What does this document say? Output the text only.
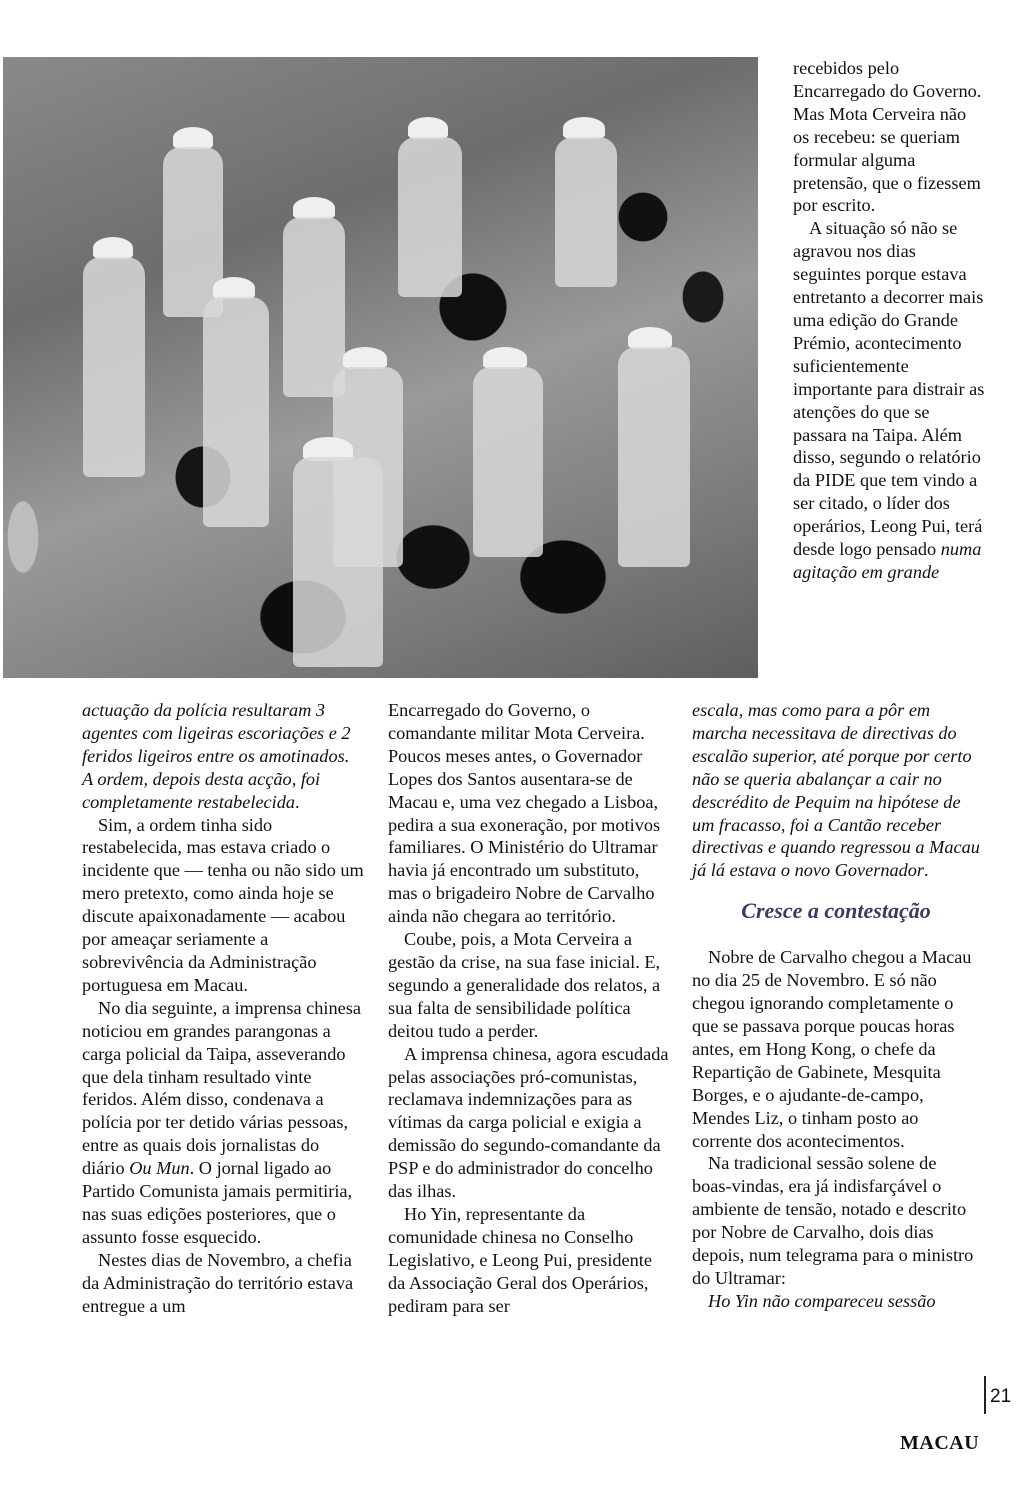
actuação da polícia resultaram 3 agentes com ligeiras escoriações e 2 feridos ligeiros entre os amotinados. A ordem, depois desta acção, foi completamente restabelecida.

Sim, a ordem tinha sido restabelecida, mas estava criado o incidente que — tenha ou não sido um mero pretexto, como ainda hoje se discute apaixonadamente — acabou por ameaçar seriamente a sobrevivência da Administração portuguesa em Macau.

No dia seguinte, a imprensa chinesa noticiou em grandes parangonas a carga policial da Taipa, asseverando que dela tinham resultado vinte feridos. Além disso, condenava a polícia por ter detido várias pessoas, entre as quais dois jornalistas do diário Ou Mun. O jornal ligado ao Partido Comunista jamais permitiria, nas suas edições posteriores, que o assunto fosse esquecido.

Nestes dias de Novembro, a chefia da Administração do território estava entregue a um

Encarregado do Governo, o comandante militar Mota Cerveira. Poucos meses antes, o Governador Lopes dos Santos ausentara-se de Macau e, uma vez chegado a Lisboa, pedira a sua exoneração, por motivos familiares. O Ministério do Ultramar havia já encontrado um substituto, mas o brigadeiro Nobre de Carvalho ainda não chegara ao território.

Coube, pois, a Mota Cerveira a gestão da crise, na sua fase inicial. E, segundo a generalidade dos relatos, a sua falta de sensibilidade política deitou tudo a perder.

A imprensa chinesa, agora escudada pelas associações pró-comunistas, reclamava indemnizações para as vítimas da carga policial e exigia a demissão do segundo-comandante da PSP e do administrador do concelho das ilhas.

Ho Yin, representante da comunidade chinesa no Conselho Legislativo, e Leong Pui, presidente da Associação Geral dos Operários, pediram para ser

recebidos pelo Encarregado do Governo. Mas Mota Cerveira não os recebeu: se queriam formular alguma pretensão, que o fizessem por escrito.

A situação só não se agravou nos dias seguintes porque estava entretanto a decorrer mais uma edição do Grande Prémio, acontecimento suficientemente importante para distrair as atenções do que se passara na Taipa. Além disso, segundo o relatório da PIDE que tem vindo a ser citado, o líder dos operários, Leong Pui, terá desde logo pensado numa agitação em grande

escala, mas como para a pôr em marcha necessitava de directivas do escalão superior, até porque por certo não se queria abalançar a cair no descrédito de Pequim na hipótese de um fracasso, foi a Cantão receber directivas e quando regressou a Macau já lá estava o novo Governador.

Cresce a contestação

Nobre de Carvalho chegou a Macau no dia 25 de Novembro. E só não chegou ignorando completamente o que se passava porque poucas horas antes, em Hong Kong, o chefe da Repartição de Gabinete, Mesquita Borges, e o ajudante-de-campo, Mendes Liz, o tinham posto ao corrente dos acontecimentos.

Na tradicional sessão solene de boas-vindas, era já indisfarçável o ambiente de tensão, notado e descrito por Nobre de Carvalho, dois dias depois, num telegrama para o ministro do Ultramar:

Ho Yin não compareceu sessão

21
MACAU
